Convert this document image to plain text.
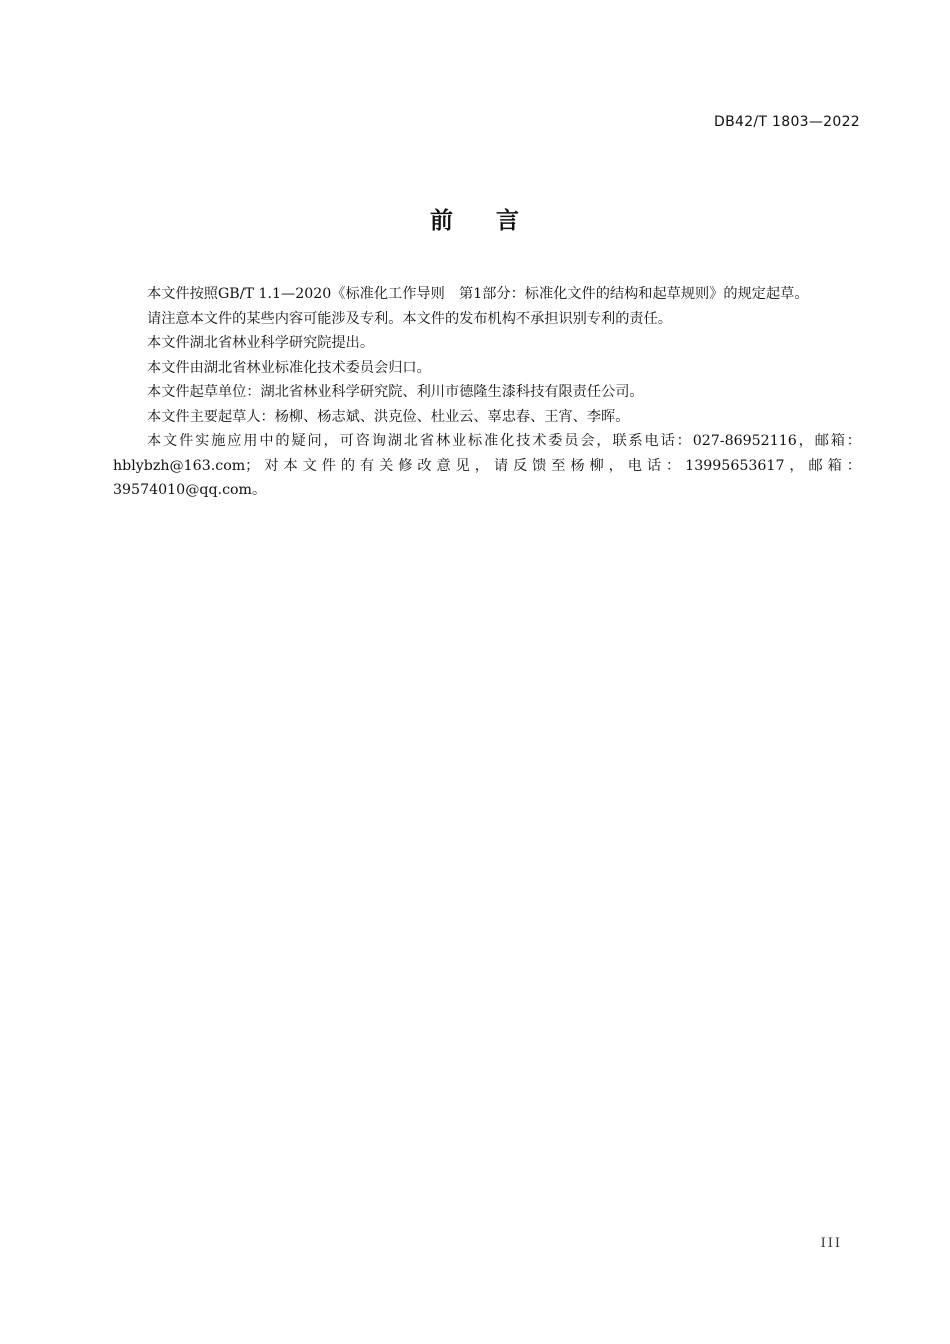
DB42/T 1803—2022
前 言

本文件按照GB/T 1.1—2020《标准化工作导则　第1部分：标准化文件的结构和起草规则》的规定起草。

请注意本文件的某些内容可能涉及专利。本文件的发布机构不承担识别专利的责任。

本文件湖北省林业科学研究院提出。

本文件由湖北省林业标准化技术委员会归口。

本文件起草单位：湖北省林业科学研究院、利川市德隆生漆科技有限责任公司。

本文件主要起草人：杨柳、杨志斌、洪克俭、杜业云、辜忠春、王宵、李晖。

本文件实施应用中的疑问，可咨询湖北省林业标准化技术委员会，联系电话：027-86952116，邮箱：hblybzh@163.com；对本文件的有关修改意见，请反馈至杨柳，电话：13995653617，邮箱：39574010@qq.com。

III
